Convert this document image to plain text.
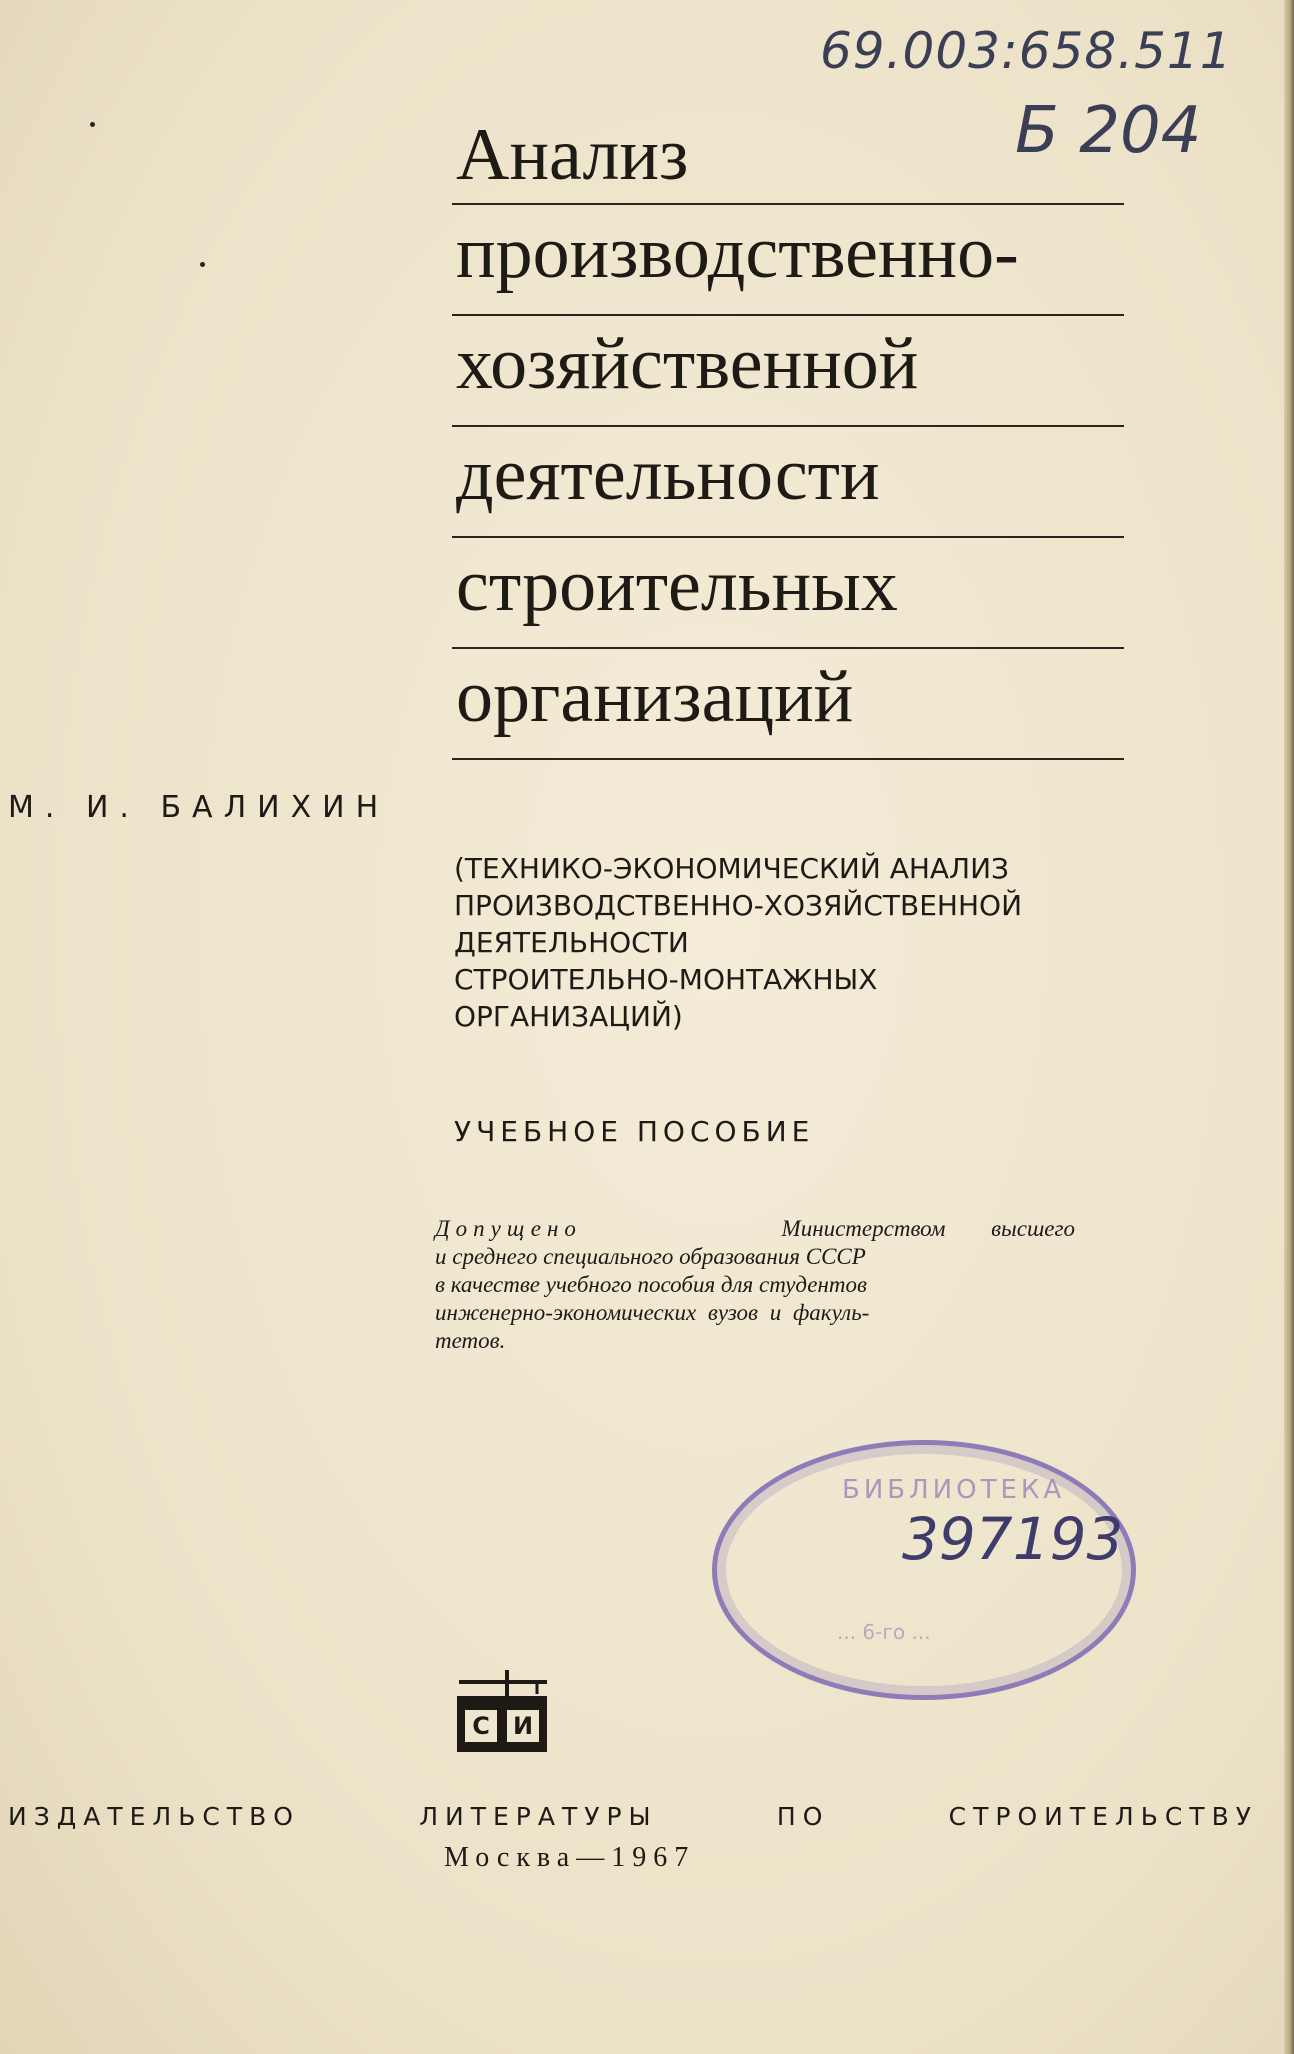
69.003:658.511
Б 204
Анализ
производственно-
хозяйственной
деятельности
строительных
организаций
М. И. БАЛИХИН
(ТЕХНИКО-ЭКОНОМИЧЕСКИЙ АНАЛИЗ
ПРОИЗВОДСТВЕННО-ХОЗЯЙСТВЕННОЙ
ДЕЯТЕЛЬНОСТИ
СТРОИТЕЛЬНО-МОНТАЖНЫХ
ОРГАНИЗАЦИЙ)
УЧЕБНОЕ ПОСОБИЕ
Допущено	Министерством высшего
и среднего специального образования СССР
в качестве учебного пособия для студентов
инженерно-экономических вузов и факуль-
тетов.
БИБЛИОТЕКА
397193
... 6-го ...
С И
ИЗДАТЕЛЬСТВО	ЛИТЕРАТУРЫ	ПО	СТРОИТЕЛЬСТВУ
Москва—1967
